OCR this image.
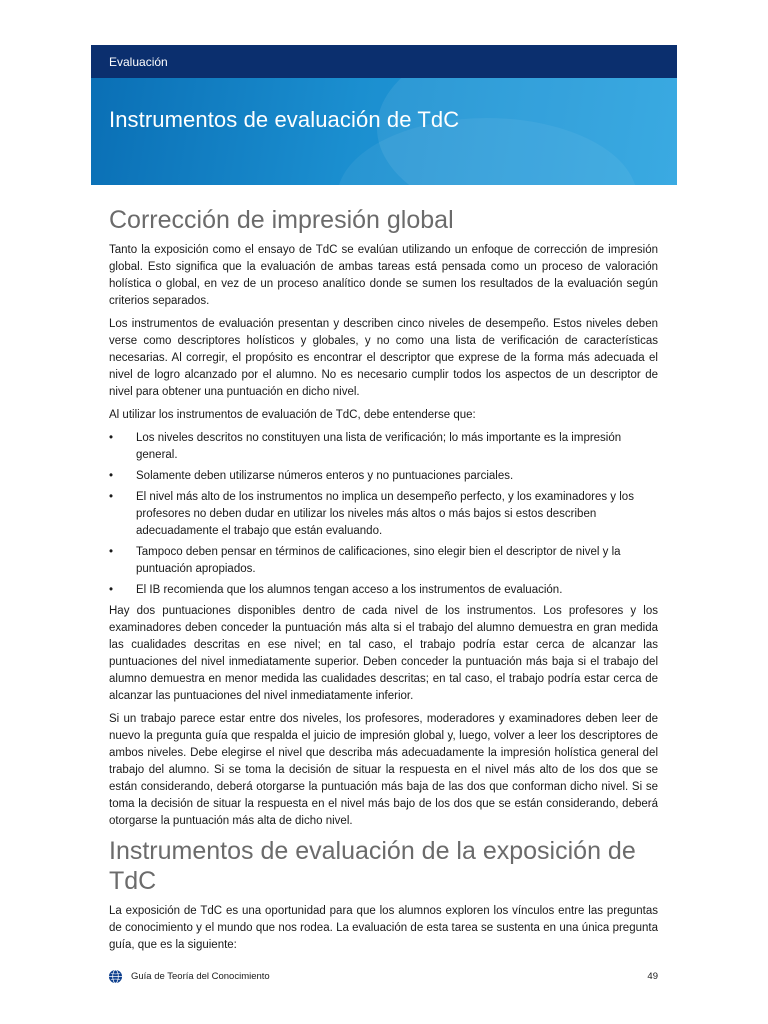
Evaluación
Instrumentos de evaluación de TdC
Corrección de impresión global

Tanto la exposición como el ensayo de TdC se evalúan utilizando un enfoque de corrección de impresión global. Esto significa que la evaluación de ambas tareas está pensada como un proceso de valoración holística o global, en vez de un proceso analítico donde se sumen los resultados de la evaluación según criterios separados.

Los instrumentos de evaluación presentan y describen cinco niveles de desempeño. Estos niveles deben verse como descriptores holísticos y globales, y no como una lista de verificación de características necesarias. Al corregir, el propósito es encontrar el descriptor que exprese de la forma más adecuada el nivel de logro alcanzado por el alumno. No es necesario cumplir todos los aspectos de un descriptor de nivel para obtener una puntuación en dicho nivel.

Al utilizar los instrumentos de evaluación de TdC, debe entenderse que:

• Los niveles descritos no constituyen una lista de verificación; lo más importante es la impresión general.
• Solamente deben utilizarse números enteros y no puntuaciones parciales.
• El nivel más alto de los instrumentos no implica un desempeño perfecto, y los examinadores y los profesores no deben dudar en utilizar los niveles más altos o más bajos si estos describen adecuadamente el trabajo que están evaluando.
• Tampoco deben pensar en términos de calificaciones, sino elegir bien el descriptor de nivel y la puntuación apropiados.
• El IB recomienda que los alumnos tengan acceso a los instrumentos de evaluación.

Hay dos puntuaciones disponibles dentro de cada nivel de los instrumentos. Los profesores y los examinadores deben conceder la puntuación más alta si el trabajo del alumno demuestra en gran medida las cualidades descritas en ese nivel; en tal caso, el trabajo podría estar cerca de alcanzar las puntuaciones del nivel inmediatamente superior. Deben conceder la puntuación más baja si el trabajo del alumno demuestra en menor medida las cualidades descritas; en tal caso, el trabajo podría estar cerca de alcanzar las puntuaciones del nivel inmediatamente inferior.

Si un trabajo parece estar entre dos niveles, los profesores, moderadores y examinadores deben leer de nuevo la pregunta guía que respalda el juicio de impresión global y, luego, volver a leer los descriptores de ambos niveles. Debe elegirse el nivel que describa más adecuadamente la impresión holística general del trabajo del alumno. Si se toma la decisión de situar la respuesta en el nivel más alto de los dos que se están considerando, deberá otorgarse la puntuación más baja de las dos que conforman dicho nivel. Si se toma la decisión de situar la respuesta en el nivel más bajo de los dos que se están considerando, deberá otorgarse la puntuación más alta de dicho nivel.

Instrumentos de evaluación de la exposición de TdC

La exposición de TdC es una oportunidad para que los alumnos exploren los vínculos entre las preguntas de conocimiento y el mundo que nos rodea. La evaluación de esta tarea se sustenta en una única pregunta guía, que es la siguiente:

Guía de Teoría del Conocimiento	49
